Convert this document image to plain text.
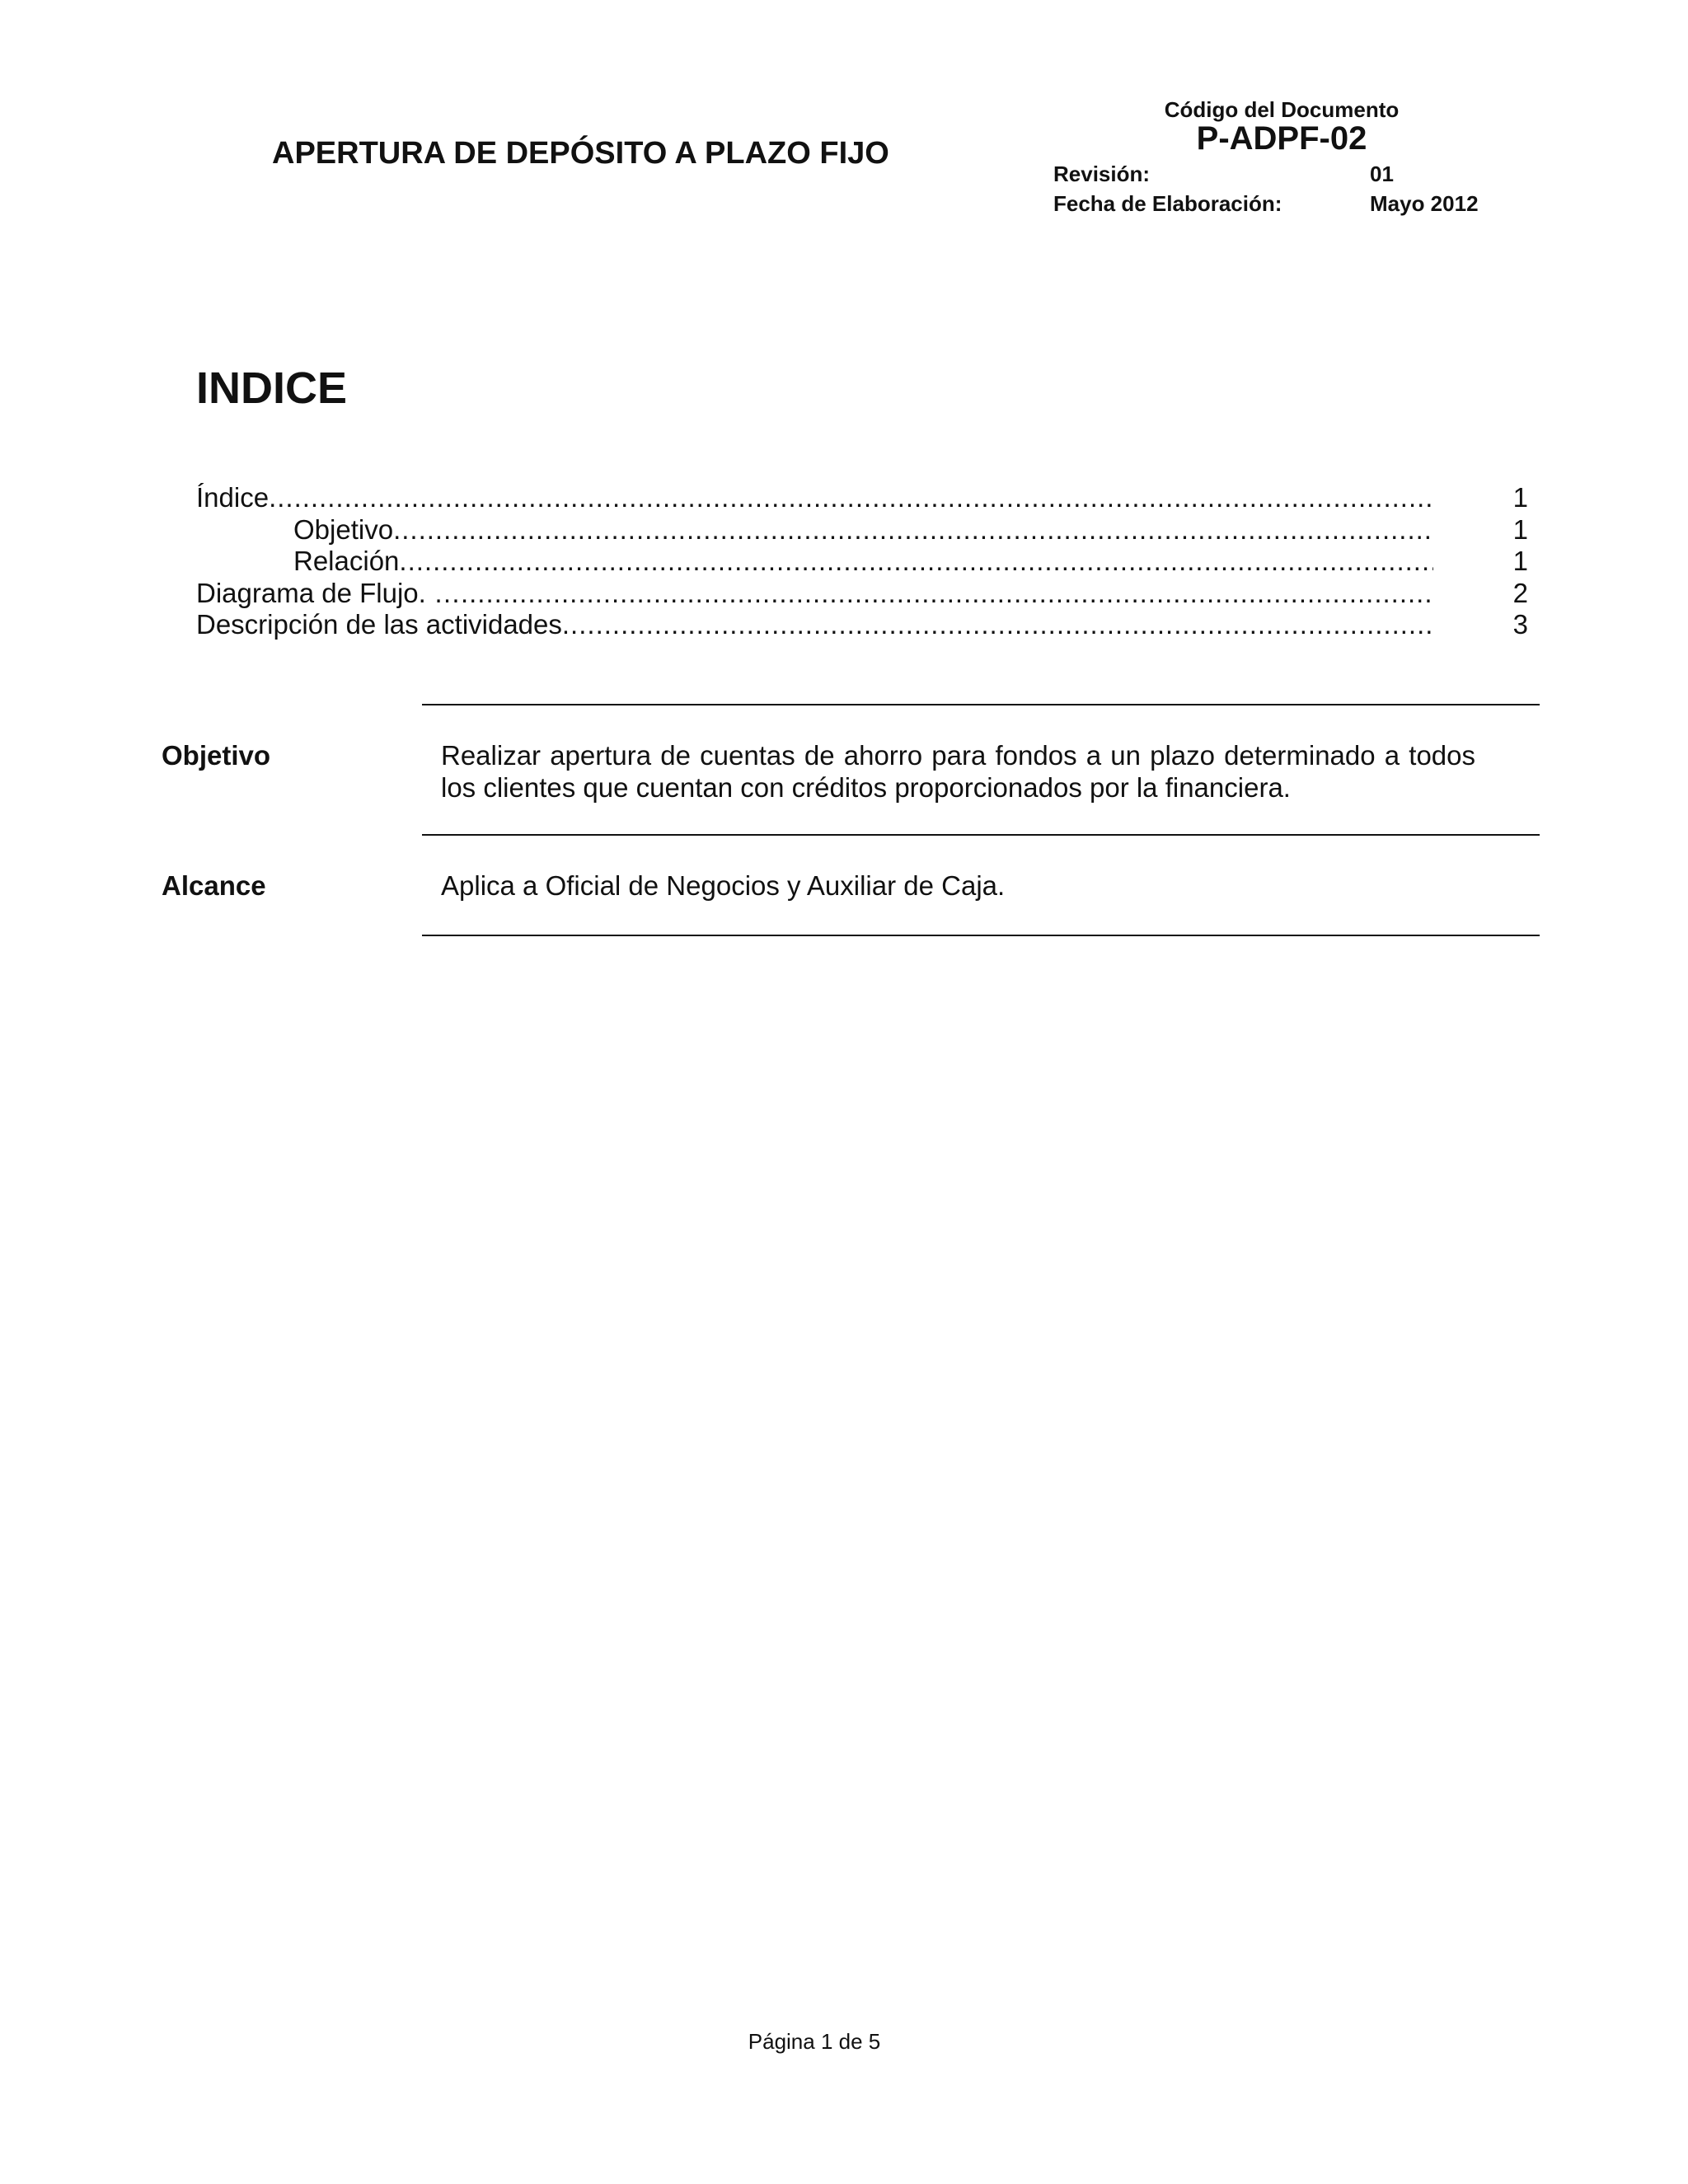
APERTURA DE DEPÓSITO A PLAZO FIJO
Código del Documento
P-ADPF-02
Revisión:	01
Fecha de Elaboración:	Mayo 2012
INDICE
Índice .....	1
Objetivo .....	1
Relación .....	1
Diagrama de Flujo. … .....	2
Descripción de las actividades .....	3
Objetivo	Realizar apertura de cuentas de ahorro para fondos a un plazo determinado a todos los clientes que cuentan con créditos proporcionados por la financiera.
Alcance	Aplica a Oficial de Negocios y Auxiliar de Caja.
Página 1 de 5
